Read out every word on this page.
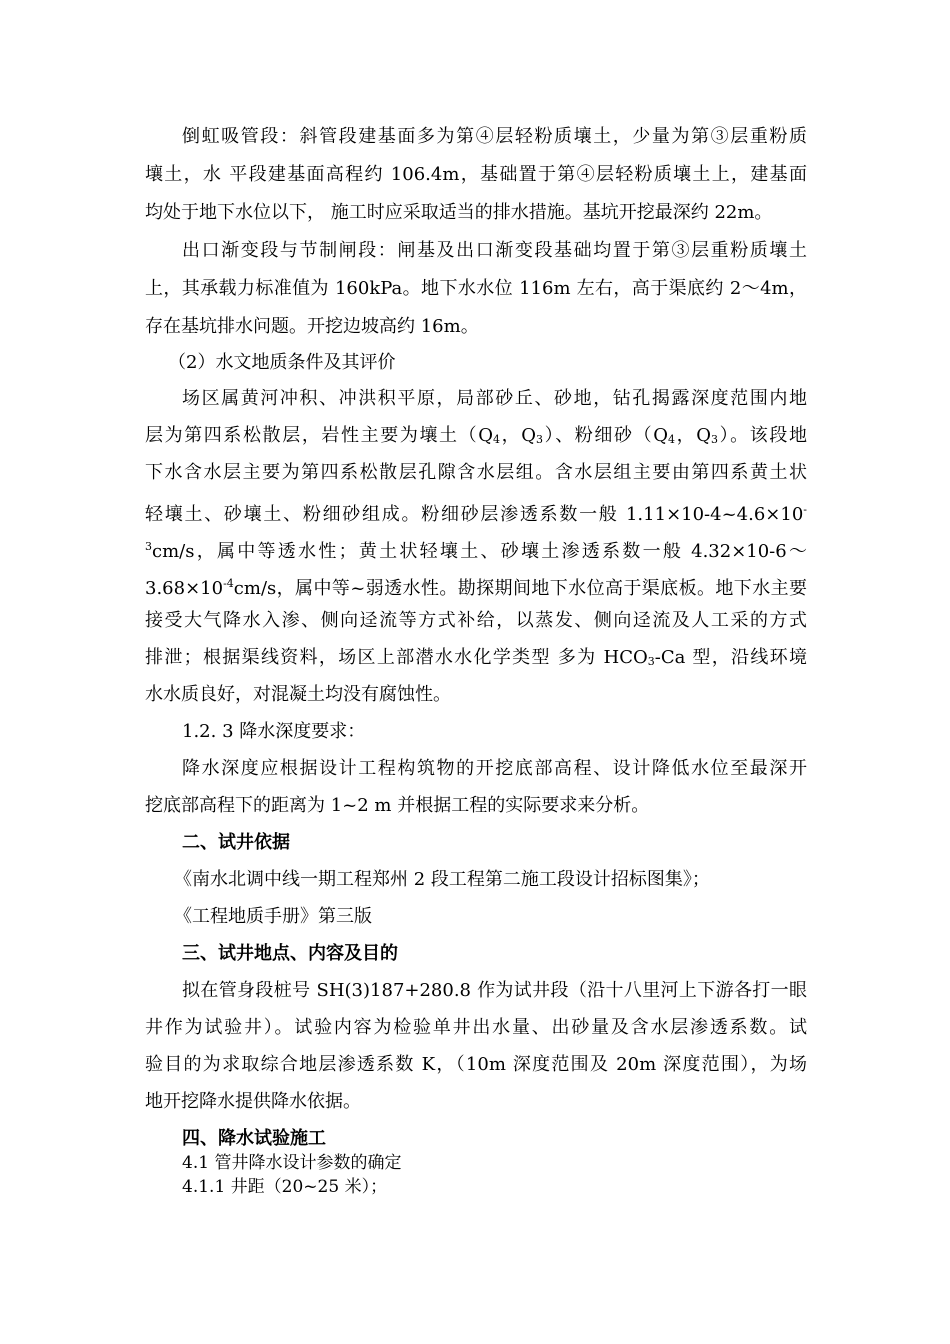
倒虹吸管段：斜管段建基面多为第④层轻粉质壤土，少量为第③层重粉质
壤土，水 平段建基面高程约 106.4m，基础置于第④层轻粉质壤土上，建基面
均处于地下水位以下， 施工时应采取适当的排水措施。基坑开挖最深约 22m。
出口渐变段与节制闸段：闸基及出口渐变段基础均置于第③层重粉质壤土
上，其承载力标准值为 160kPa。地下水水位 116m 左右，高于渠底约 2～4m，
存在基坑排水问题。开挖边坡高约 16m。
（2）水文地质条件及其评价
场区属黄河冲积、冲洪积平原，局部砂丘、砂地，钻孔揭露深度范围内地
层为第四系松散层，岩性主要为壤土（$Q_4$，$Q_3$）、粉细砂（$Q_4$，$Q_3$）。该段地
下水含水层主要为第四系松散层孔隙含水层组。含水层组主要由第四系黄土状
轻壤土、砂壤土、粉细砂组成。粉细砂层渗透系数一般 1.11×10-4~4.6×10-
$^3$cm/s，属中等透水性；黄土状轻壤土、砂壤土渗透系数一般 4.32×10-6～
$3.68\times 10^{-4}cm/s$，属中等~弱透水性。勘探期间地下水位高于渠底板。地下水主要
接受大气降水入渗、侧向迳流等方式补给，以蒸发、侧向迳流及人工采的方式
排泄；根据渠线资料，场区上部潜水水化学类型 多为 $HCO_3-Ca$ 型，沿线环境
水水质良好，对混凝土均没有腐蚀性。
1.2. 3 降水深度要求：
降水深度应根据设计工程构筑物的开挖底部高程、设计降低水位至最深开
挖底部高程下的距离为 1~2 m 并根据工程的实际要求来分析。
二、试井依据
《南水北调中线一期工程郑州 2 段工程第二施工段设计招标图集》；
《工程地质手册》第三版
三、试井地点、内容及目的
拟在管身段桩号 SH(3)187+280.8 作为试井段（沿十八里河上下游各打一眼
井作为试验井）。试验内容为检验单井出水量、出砂量及含水层渗透系数。试
验目的为求取综合地层渗透系数 K，（10m 深度范围及 20m 深度范围），为场
地开挖降水提供降水依据。
四、降水试验施工
4.1 管井降水设计参数的确定
4.1.1 井距（20~25 米）；
